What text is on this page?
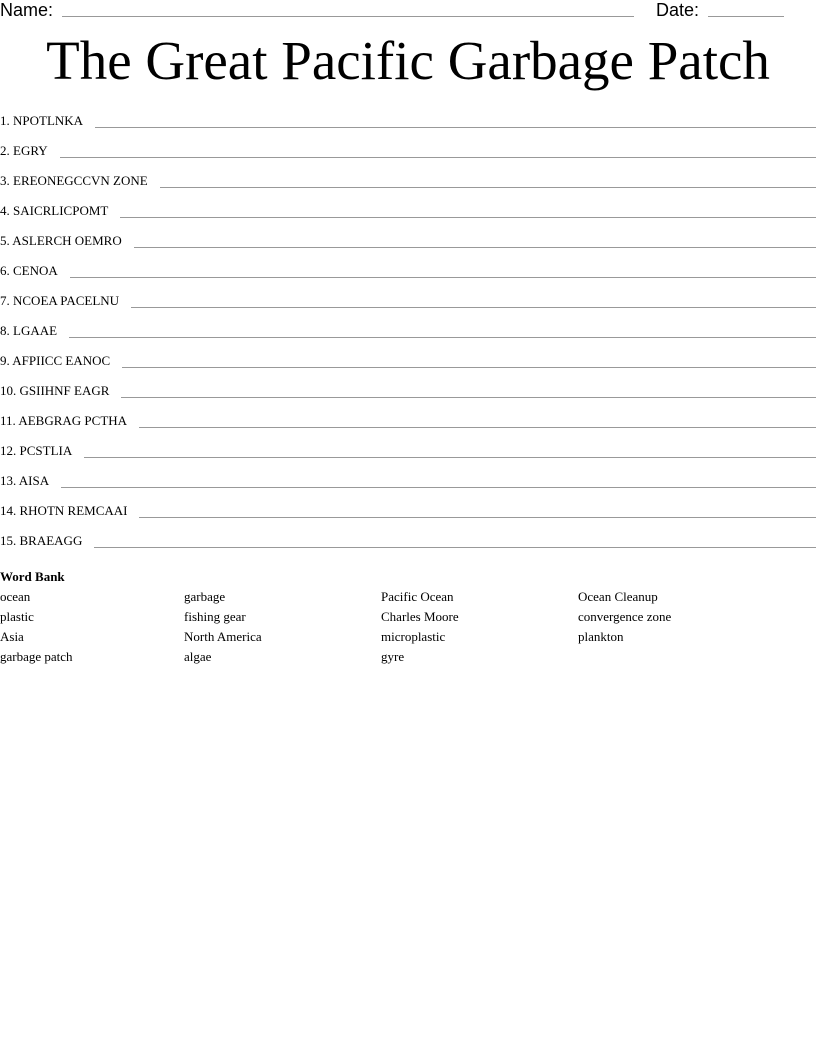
Name:	Date:
The Great Pacific Garbage Patch
1. NPOTLNKA
2. EGRY
3. EREONEGCCVN ZONE
4. SAICRLICPOMT
5. ASLERCH OEMRO
6. CENOA
7. NCOEA PACELNU
8. LGAAE
9. AFPIICC EANOC
10. GSIIHNF EAGR
11. AEBGRAG PCTHA
12. PCSTLIA
13. AISA
14. RHOTN REMCAAI
15. BRAEAGG
Word Bank
ocean
plastic
Asia
garbage patch
garbage
fishing gear
North America
algae
Pacific Ocean
Charles Moore
microplastic
gyre
Ocean Cleanup
convergence zone
plankton
